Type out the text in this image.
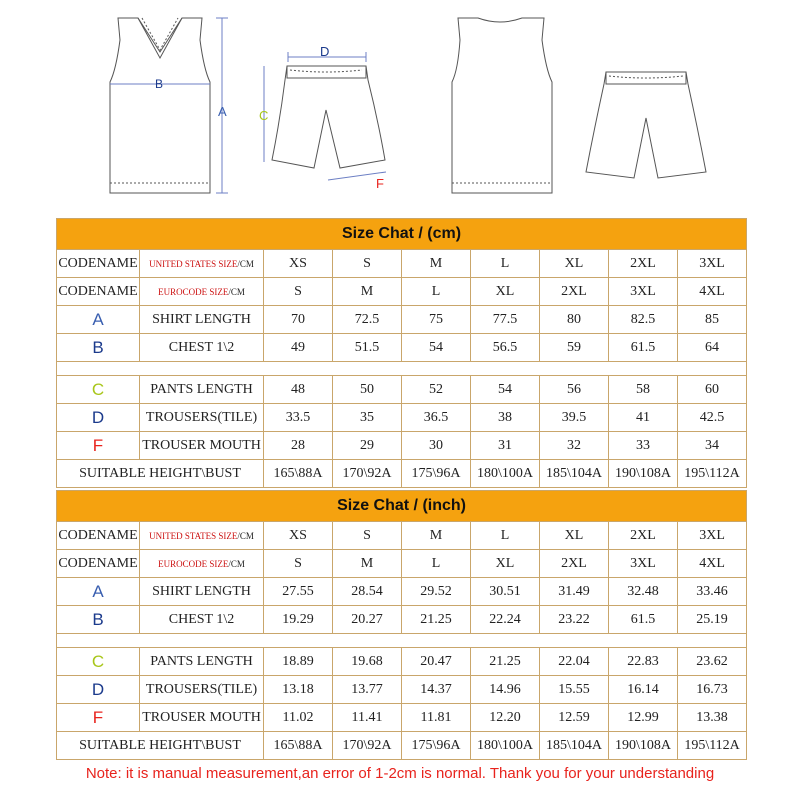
B
A
D
C
F
Size Chat / (cm)								
CODENAME	UNITED STATES SIZE/CM	XS	S	M	L	XL	2XL	3XL
CODENAME	EUROCODE SIZE/CM	S	M	L	XL	2XL	3XL	4XL
A	SHIRT LENGTH	70	72.5	75	77.5	80	82.5	85
B	CHEST 1\2	49	51.5	54	56.5	59	61.5	64

C	PANTS LENGTH	48	50	52	54	56	58	60
D	TROUSERS(TILE)	33.5	35	36.5	38	39.5	41	42.5
F	TROUSER MOUTH	28	29	30	31	32	33	34
SUITABLE HEIGHT\BUST		165\88A	170\92A	175\96A	180\100A	185\104A	190\108A	195\112A
Size Chat / (inch)								
CODENAME	UNITED STATES SIZE/CM	XS	S	M	L	XL	2XL	3XL
CODENAME	EUROCODE SIZE/CM	S	M	L	XL	2XL	3XL	4XL
A	SHIRT LENGTH	27.55	28.54	29.52	30.51	31.49	32.48	33.46
B	CHEST 1\2	19.29	20.27	21.25	22.24	23.22	61.5	25.19

C	PANTS LENGTH	18.89	19.68	20.47	21.25	22.04	22.83	23.62
D	TROUSERS(TILE)	13.18	13.77	14.37	14.96	15.55	16.14	16.73
F	TROUSER MOUTH	11.02	11.41	11.81	12.20	12.59	12.99	13.38
SUITABLE HEIGHT\BUST		165\88A	170\92A	175\96A	180\100A	185\104A	190\108A	195\112A
Note: it is manual measurement,an error of 1-2cm is normal. Thank you for your understanding
